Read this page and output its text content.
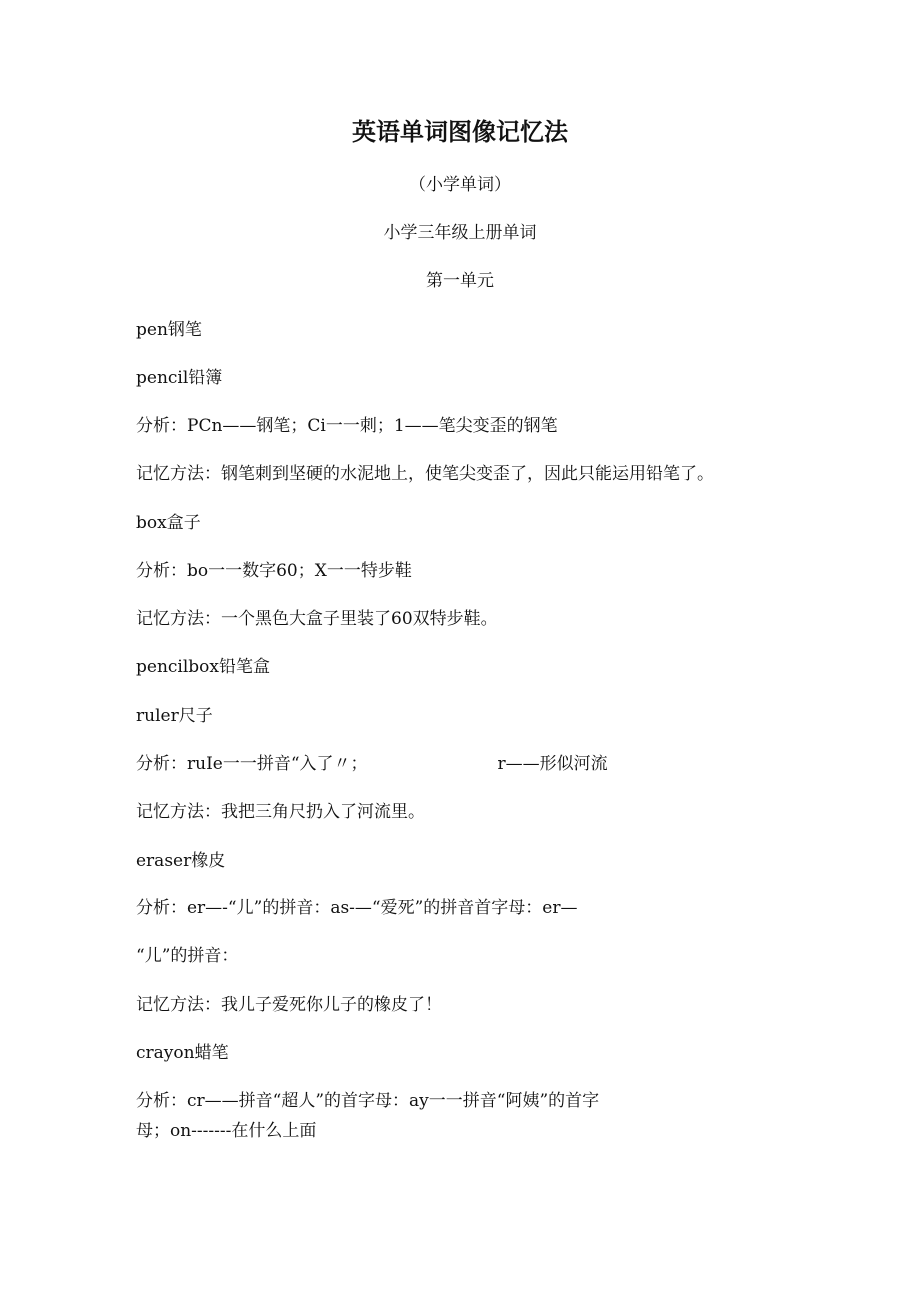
英语单词图像记忆法
（小学单词）
小学三年级上册单词
第一单元
pen钢笔
pencil铅簿
分析：PCn——钢笔；Ci一一刺；1——笔尖变歪的钢笔
记忆方法：钢笔刺到坚硬的水泥地上，使笔尖变歪了，因此只能运用铅笔了。
box盒子
分析：bo一一数字60；X一一特步鞋
记忆方法：一个黑色大盒子里装了60双特步鞋。
pencilbox铅笔盒
ruler尺子
分析：ruIe一一拼音“入了〃；	r——形似河流
记忆方法：我把三角尺扔入了河流里。
eraser橡皮
分析：er—-“儿”的拼音：as-—“爱死”的拼音首字母：er—
“儿”的拼音：
记忆方法：我儿子爱死你儿子的橡皮了！
crayon蜡笔
分析：cr——拼音“超人”的首字母：ay一一拼音“阿姨”的首字
母；on-------在什么上面
